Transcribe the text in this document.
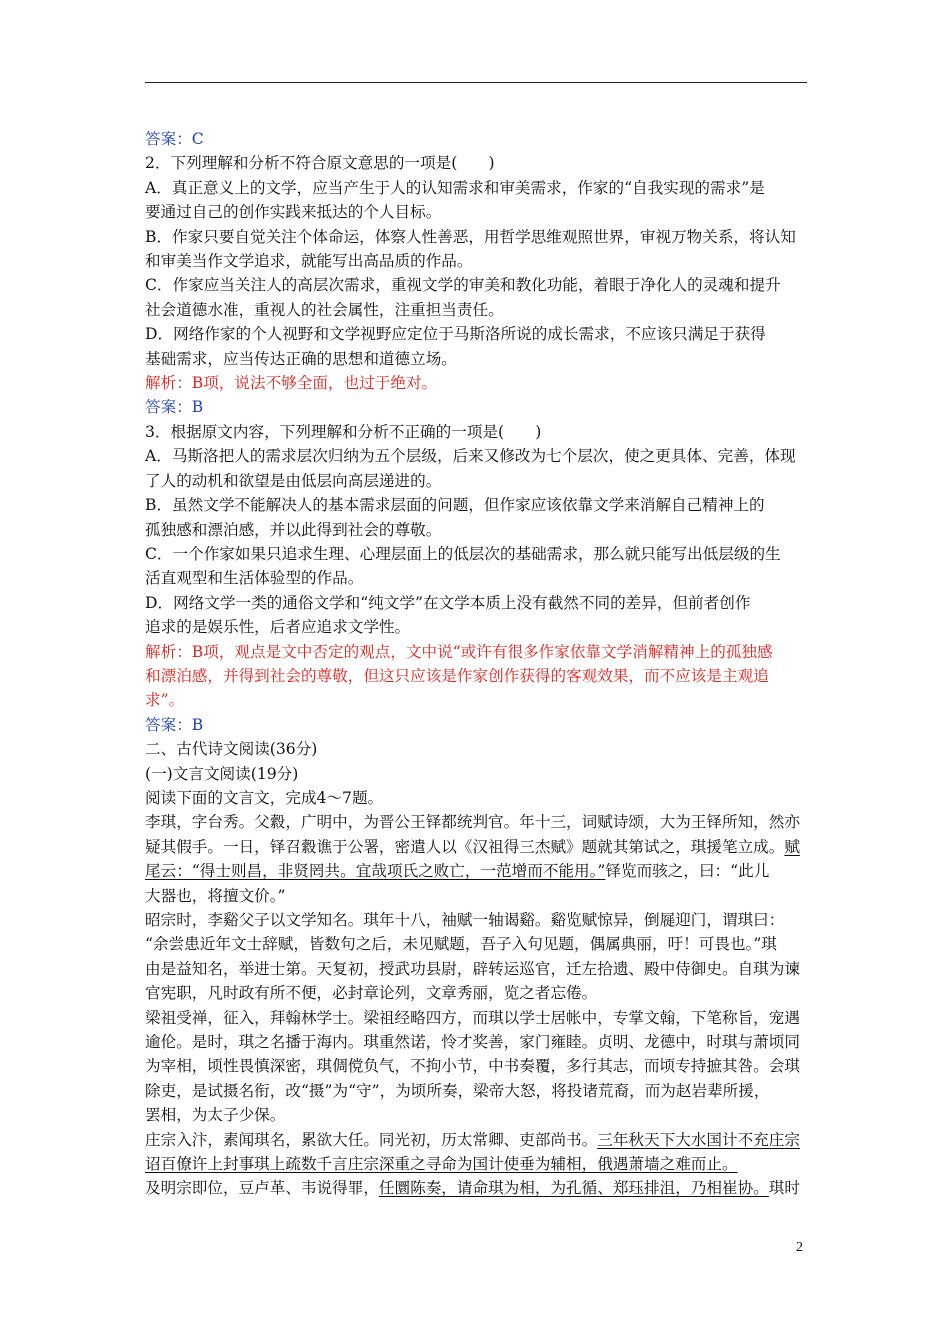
答案：C
2．下列理解和分析不符合原文意思的一项是(　　)
A．真正意义上的文学，应当产生于人的认知需求和审美需求，作家的“自我实现的需求”是
要通过自己的创作实践来抵达的个人目标。
B．作家只要自觉关注个体命运，体察人性善恶，用哲学思维观照世界，审视万物关系，将认知
和审美当作文学追求，就能写出高品质的作品。
C．作家应当关注人的高层次需求，重视文学的审美和教化功能，着眼于净化人的灵魂和提升
社会道德水准，重视人的社会属性，注重担当责任。
D．网络作家的个人视野和文学视野应定位于马斯洛所说的成长需求，不应该只满足于获得
基础需求，应当传达正确的思想和道德立场。
解析：B项，说法不够全面，也过于绝对。
答案：B
3．根据原文内容，下列理解和分析不正确的一项是(　　)
A．马斯洛把人的需求层次归纳为五个层级，后来又修改为七个层次，使之更具体、完善，体现
了人的动机和欲望是由低层向高层递进的。
B．虽然文学不能解决人的基本需求层面的问题，但作家应该依靠文学来消解自己精神上的
孤独感和漂泊感，并以此得到社会的尊敬。
C．一个作家如果只追求生理、心理层面上的低层次的基础需求，那么就只能写出低层级的生
活直观型和生活体验型的作品。
D．网络文学一类的通俗文学和“纯文学”在文学本质上没有截然不同的差异，但前者创作
追求的是娱乐性，后者应追求文学性。
解析：B项，观点是文中否定的观点，文中说“或许有很多作家依靠文学消解精神上的孤独感
和漂泊感，并得到社会的尊敬，但这只应该是作家创作获得的客观效果，而不应该是主观追
求”。
答案：B
二、古代诗文阅读(36分)
(一)文言文阅读(19分)
阅读下面的文言文，完成4～7题。
李琪，字台秀。父縠，广明中，为晋公王铎都统判官。年十三，词赋诗颂，大为王铎所知，然亦
疑其假手。一日，铎召縠谯于公署，密遣人以《汉祖得三杰赋》题就其第试之，琪援笔立成。赋
尾云：“得士则昌，非贤罔共。宜哉项氏之败亡，一范增而不能用。”铎览而骇之，曰：“此儿
大器也，将擅文价。”
昭宗时，李谿父子以文学知名。琪年十八，袖赋一轴谒谿。谿览赋惊异，倒屣迎门，谓琪曰：
“余尝患近年文士辞赋，皆数句之后，未见赋题，吾子入句见题，偶属典丽，吁！可畏也。”琪
由是益知名，举进士第。天复初，授武功县尉，辟转运巡官，迁左拾遗、殿中侍御史。自琪为谏
官宪职，凡时政有所不便，必封章论列，文章秀丽，览之者忘倦。
梁祖受禅，征入，拜翰林学士。梁祖经略四方，而琪以学士居帐中，专掌文翰，下笔称旨，宠遇
逾伦。是时，琪之名播于海内。琪重然诺，怜才奖善，家门雍睦。贞明、龙德中，时琪与萧顷同
为宰相，顷性畏慎深密，琪倜傥负气，不拘小节，中书奏覆，多行其志，而顷专持摭其咎。会琪
除吏，是试摄名衔，改“摄”为“守”，为顷所奏，梁帝大怒，将投诸荒裔，而为赵岩辈所援，
罢相，为太子少保。
庄宗入汴，素闻琪名，累欲大任。同光初，历太常卿、吏部尚书。三年秋天下大水国计不充庄宗
诏百僚许上封事琪上疏数千言庄宗深重之寻命为国计使垂为辅相，俄遇萧墙之难而止。
及明宗即位，豆卢革、韦说得罪，任圜陈奏，请命琪为相，为孔循、郑珏排沮，乃相崔协。琪时
2
